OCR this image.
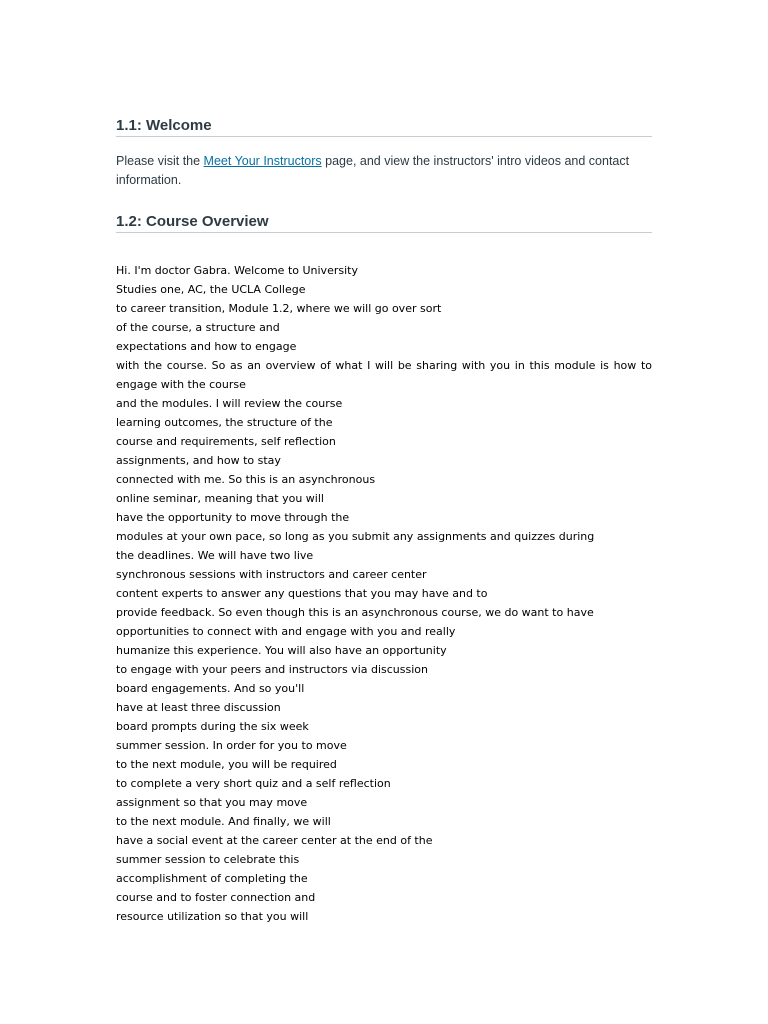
1.1: Welcome

Please visit the Meet Your Instructors page, and view the instructors' intro videos and contact information.

1.2: Course Overview
Hi. I'm doctor Gabra. Welcome to University
Studies one, AC, the UCLA College
to career transition, Module 1.2, where we will go over sort
of the course, a structure and
expectations and how to engage
with the course. So as an overview of what I will be sharing with you in this module is how to engage with the course
and the modules. I will review the course
learning outcomes, the structure of the
course and requirements, self reflection
assignments, and how to stay
connected with me. So this is an asynchronous
online seminar, meaning that you will
have the opportunity to move through the
modules at your own pace, so long as you submit any assignments and quizzes during
the deadlines. We will have two live
synchronous sessions with instructors and career center
content experts to answer any questions that you may have and to
provide feedback. So even though this is an asynchronous course, we do want to have
opportunities to connect with and engage with you and really
humanize this experience. You will also have an opportunity
to engage with your peers and instructors via discussion
board engagements. And so you'll
have at least three discussion
board prompts during the six week
summer session. In order for you to move
to the next module, you will be required
to complete a very short quiz and a self reflection
assignment so that you may move
to the next module. And finally, we will
have a social event at the career center at the end of the
summer session to celebrate this
accomplishment of completing the
course and to foster connection and
resource utilization so that you will
